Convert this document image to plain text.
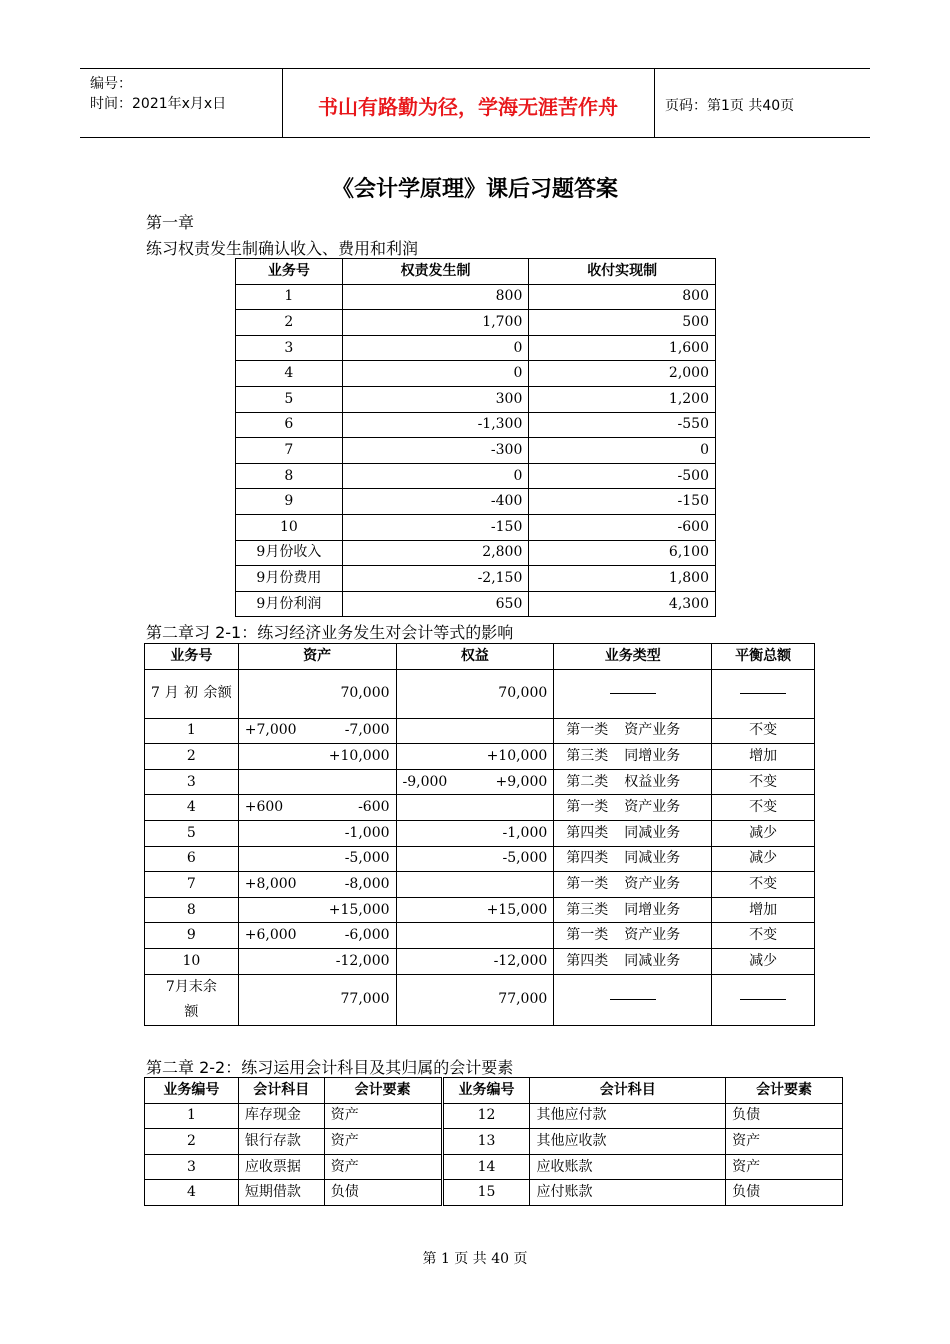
编号：
时间：2021年x月x日	书山有路勤为径，学海无涯苦作舟	页码：第1页 共40页
《会计学原理》课后习题答案
第一章
练习权责发生制确认收入、费用和利润
业务号	权责发生制	收付实现制
1	800	800
2	1,700	500
3	0	1,600
4	0	2,000
5	300	1,200
6	-1,300	-550
7	-300	0
8	0	-500
9	-400	-150
10	-150	-600
9月份收入	2,800	6,100
9月份费用	-2,150	1,800
9月份利润	650	4,300
第二章习 2-1：练习经济业务发生对会计等式的影响
业务号	资产	权益	业务类型	平衡总额
7 月 初 余额	70,000	70,000		
1	+7,000 -7,000		第一类 资产业务	不变
2	+10,000	+10,000	第三类 同增业务	增加
3		-9,000 +9,000	第二类 权益业务	不变
4	+600 -600		第一类 资产业务	不变
5	-1,000	-1,000	第四类 同减业务	减少
6	-5,000	-5,000	第四类 同减业务	减少
7	+8,000 -8,000		第一类 资产业务	不变
8	+15,000	+15,000	第三类 同增业务	增加
9	+6,000 -6,000		第一类 资产业务	不变
10	-12,000	-12,000	第四类 同减业务	减少
7月末余额	77,000	77,000		
第二章 2-2：练习运用会计科目及其归属的会计要素
业务编号	会计科目	会计要素	业务编号	会计科目	会计要素
1	库存现金	资产	12	其他应付款	负债
2	银行存款	资产	13	其他应收款	资产
3	应收票据	资产	14	应收账款	资产
4	短期借款	负债	15	应付账款	负债
第 1 页 共 40 页
